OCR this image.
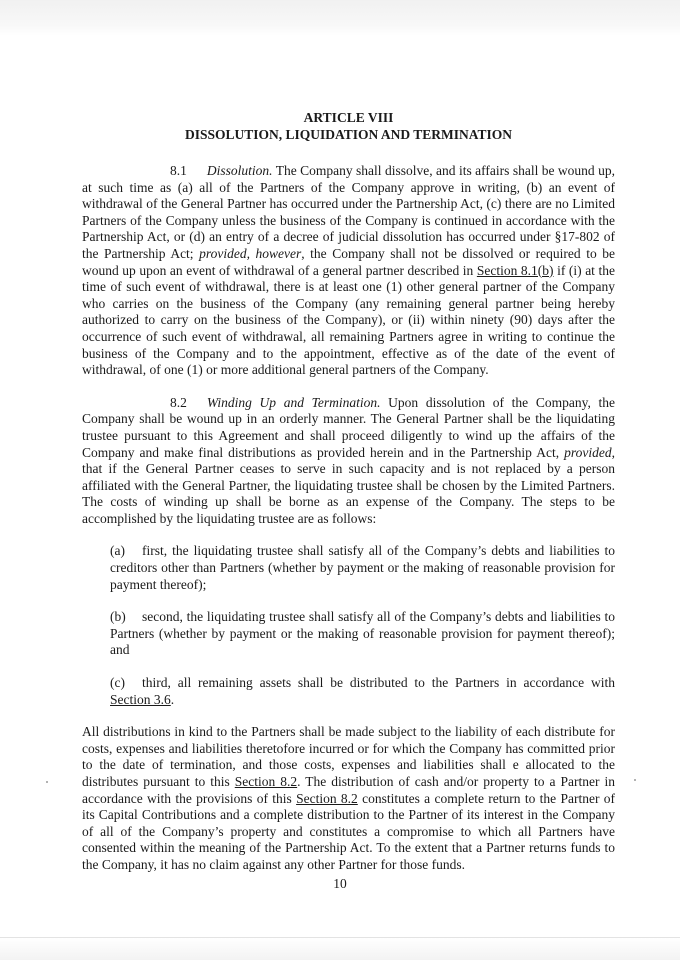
ARTICLE VIII

DISSOLUTION, LIQUIDATION AND TERMINATION

8.1 Dissolution. The Company shall dissolve, and its affairs shall be wound up, at such time as (a) all of the Partners of the Company approve in writing, (b) an event of withdrawal of the General Partner has occurred under the Partnership Act, (c) there are no Limited Partners of the Company unless the business of the Company is continued in accordance with the Partnership Act, or (d) an entry of a decree of judicial dissolution has occurred under §17-802 of the Partnership Act; provided, however, the Company shall not be dissolved or required to be wound up upon an event of withdrawal of a general partner described in Section 8.1(b) if (i) at the time of such event of withdrawal, there is at least one (1) other general partner of the Company who carries on the business of the Company (any remaining general partner being hereby authorized to carry on the business of the Company), or (ii) within ninety (90) days after the occurrence of such event of withdrawal, all remaining Partners agree in writing to continue the business of the Company and to the appointment, effective as of the date of the event of withdrawal, of one (1) or more additional general partners of the Company.

8.2 Winding Up and Termination. Upon dissolution of the Company, the Company shall be wound up in an orderly manner. The General Partner shall be the liquidating trustee pursuant to this Agreement and shall proceed diligently to wind up the affairs of the Company and make final distributions as provided herein and in the Partnership Act, provided, that if the General Partner ceases to serve in such capacity and is not replaced by a person affiliated with the General Partner, the liquidating trustee shall be chosen by the Limited Partners. The costs of winding up shall be borne as an expense of the Company. The steps to be accomplished by the liquidating trustee are as follows:

(a) first, the liquidating trustee shall satisfy all of the Company’s debts and liabilities to creditors other than Partners (whether by payment or the making of reasonable provision for payment thereof);

(b) second, the liquidating trustee shall satisfy all of the Company’s debts and liabilities to Partners (whether by payment or the making of reasonable provision for payment thereof); and

(c) third, all remaining assets shall be distributed to the Partners in accordance with Section 3.6.

All distributions in kind to the Partners shall be made subject to the liability of each distribute for costs, expenses and liabilities theretofore incurred or for which the Company has committed prior to the date of termination, and those costs, expenses and liabilities shall e allocated to the distributes pursuant to this Section 8.2. The distribution of cash and/or property to a Partner in accordance with the provisions of this Section 8.2 constitutes a complete return to the Partner of its Capital Contributions and a complete distribution to the Partner of its interest in the Company of all of the Company’s property and constitutes a compromise to which all Partners have consented within the meaning of the Partnership Act. To the extent that a Partner returns funds to the Company, it has no claim against any other Partner for those funds.

10
